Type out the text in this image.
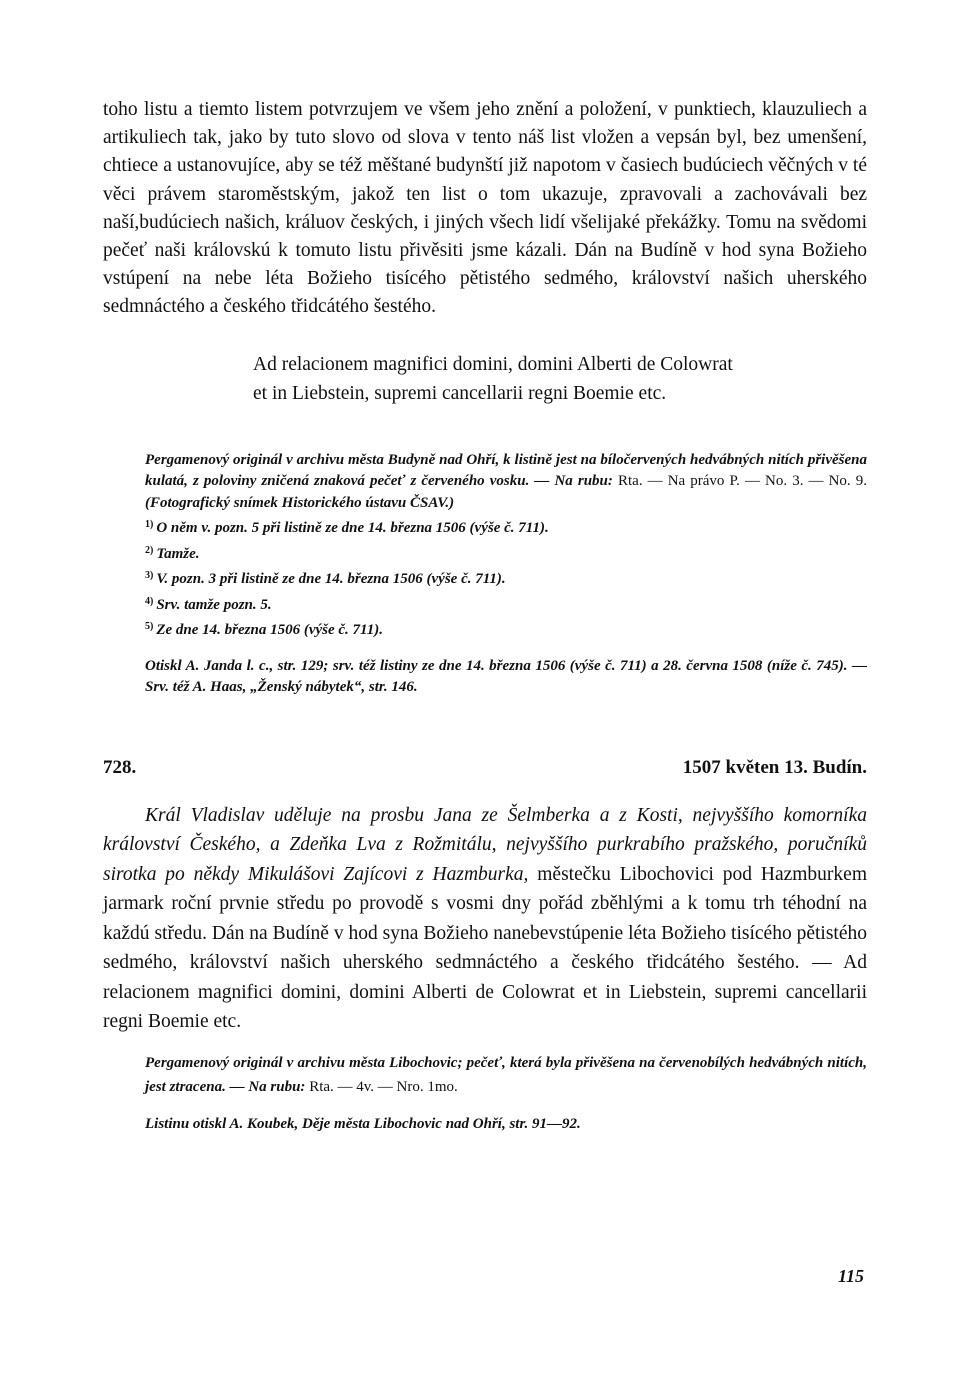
toho listu a tiemto listem potvrzujem ve všem jeho znění a položení, v punktiech, klauzuliech a artikuliech tak, jako by tuto slovo od slova v tento náš list vložen a vepsán byl, bez umenšení, chtiece a ustanovujíce, aby se též měštané budynští již napotom v časiech budúciech věčných v té věci právem staroměstským, jakož ten list o tom ukazuje, zpravovali a zachovávali bez naší,budúciech našich, králuov českých, i jiných všech lidí všelijaké překážky. Tomu na svědomi pečeť naši královskú k tomuto listu přivěsiti jsme kázali. Dán na Budíně v hod syna Božieho vstúpení na nebe léta Božieho tisícého pětistého sedmého, království našich uherského sedmnáctého a českého třidcátého šestého.

Ad relacionem magnifici domini, domini Alberti de Colowrat
et in Liebstein, supremi cancellarii regni Boemie etc.

Pergamenový originál v archivu města Budyně nad Ohří, k listině jest na bíločervených hedvábných nitích přivěšena kulatá, z poloviny zničená znaková pečeť z červeného vosku. — Na rubu: Rta. — Na právo P. — No. 3. — No. 9. (Fotografický snímek Historického ústavu ČSAV.)

$^{1)}$ O něm v. pozn. 5 při listině ze dne 14. března 1506 (výše č. 711).

$^{2)}$ Tamže.

$^{3)}$ V. pozn. 3 při listině ze dne 14. března 1506 (výše č. 711).

$^{4)}$ Srv. tamže pozn. 5.

$^{5)}$ Ze dne 14. března 1506 (výše č. 711).

Otiskl A. Janda l. c., str. 129; srv. též listiny ze dne 14. března 1506 (výše č. 711) a 28. června 1508 (níže č. 745). — Srv. též A. Haas, „Ženský nábytek“, str. 146.

728.	1507 květen 13. Budín.

Král Vladislav uděluje na prosbu Jana ze Šelmberka a z Kosti, nejvyššího komorníka království Českého, a Zdeňka Lva z Rožmitálu, nejvyššího purkrabího pražského, poručníků sirotka po někdy Mikulášovi Zajícovi z Hazmburka, městečku Libochovici pod Hazmburkem jarmark roční prvnie středu po provodě s vosmi dny pořád zběhlými a k tomu trh téhodní na každú středu. Dán na Budíně v hod syna Božieho nanebevstúpenie léta Božieho tisícého pětistého sedmého, království našich uherského sedmnáctého a českého třidcátého šestého. — Ad relacionem magnifici domini, domini Alberti de Colowrat et in Liebstein, supremi cancellarii regni Boemie etc.

Pergamenový originál v archivu města Libochovic; pečeť, která byla přivěšena na červenobílých hedvábných nitích, jest ztracena. — Na rubu: Rta. — 4v. — Nro. 1mo.

Listinu otiskl A. Koubek, Děje města Libochovic nad Ohří, str. 91—92.

115
